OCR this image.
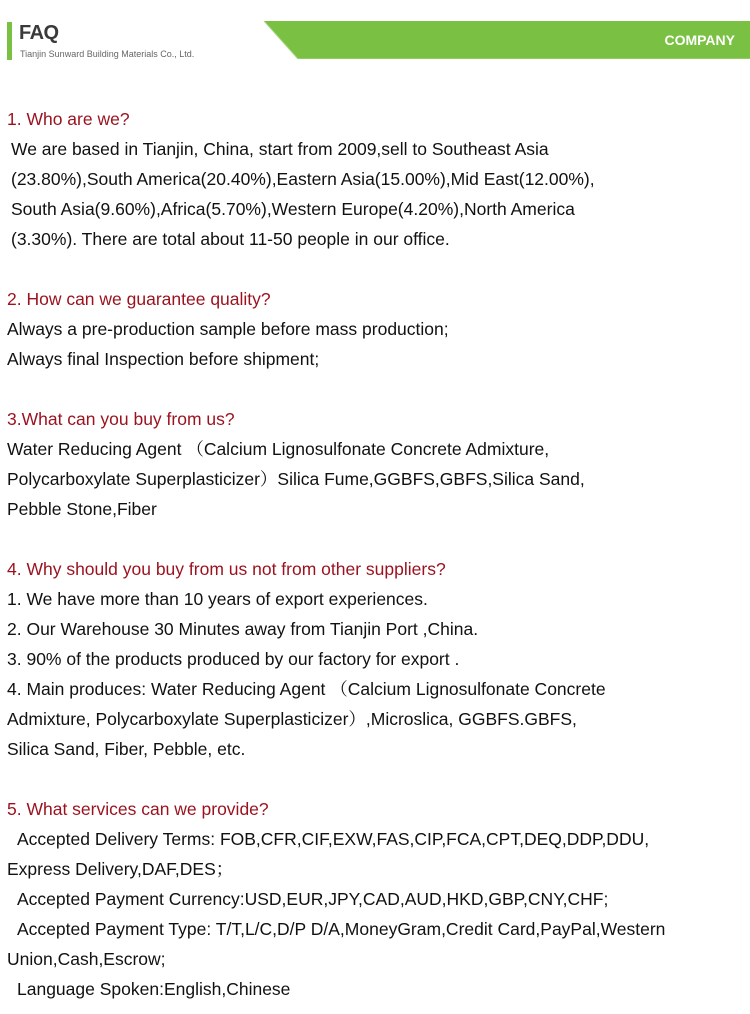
FAQ
Tianjin Sunward Building Materials Co., Ltd.
COMPANY
1. Who are we?
We are based in Tianjin, China, start from 2009,sell to Southeast Asia
(23.80%),South America(20.40%),Eastern Asia(15.00%),Mid East(12.00%),
South Asia(9.60%),Africa(5.70%),Western Europe(4.20%),North America
(3.30%). There are total about 11-50 people in our office.
2. How can we guarantee quality?
Always a pre-production sample before mass production;
Always final Inspection before shipment;
3.What can you buy from us?
Water Reducing Agent （Calcium Lignosulfonate Concrete Admixture,
Polycarboxylate Superplasticizer）Silica Fume,GGBFS,GBFS,Silica Sand,
Pebble Stone,Fiber
4. Why should you buy from us not from other suppliers?
1. We have more than 10 years of export experiences.
2. Our Warehouse 30 Minutes away from Tianjin Port ,China.
3. 90% of the products produced by our factory for export .
4. Main produces: Water Reducing Agent （Calcium Lignosulfonate Concrete
Admixture, Polycarboxylate Superplasticizer）,Microslica, GGBFS.GBFS,
Silica Sand, Fiber, Pebble, etc.
5. What services can we provide?
Accepted Delivery Terms: FOB,CFR,CIF,EXW,FAS,CIP,FCA,CPT,DEQ,DDP,DDU,
Express Delivery,DAF,DES；
Accepted Payment Currency:USD,EUR,JPY,CAD,AUD,HKD,GBP,CNY,CHF;
Accepted Payment Type: T/T,L/C,D/P D/A,MoneyGram,Credit Card,PayPal,Western
Union,Cash,Escrow;
Language Spoken:English,Chinese
